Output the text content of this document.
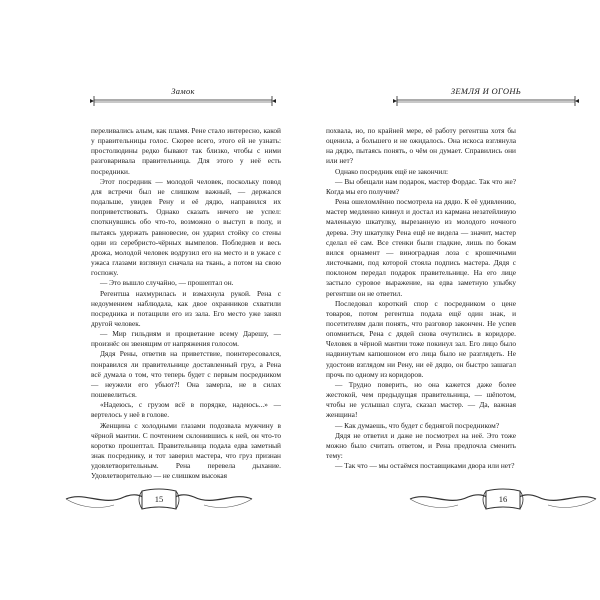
Замок

переливались алым, как пламя. Рене стало интересно, какой у правительницы голос. Скорее всего, этого ей не узнать: простолюдины редко бывают так близко, чтобы с ними разговаривала правительница. Для этого у неё есть посредники.

Этот посредник — молодой человек, поскольку повод для встречи был не слишком важный, — держался подальше, увидев Рену и её дядю, направился их поприветствовать. Однако сказать ничего не успел: споткнувшись обо что-то, возможно о выступ в полу, и пытаясь удержать равновесие, он ударил стойку со стены одни из серебристо-чёрных вымпелов. Побледнев и весь дрожа, молодой человек водрузил его на место и в ужасе с ужаса глазами взглянул сначала на ткань, а потом на свою госпожу.

— Это вышло случайно, — прошептал он.

Регентша нахмурилась и взмахнула рукой. Рена с недоумением наблюдала, как двое охранников схватили посредника и потащили его из зала. Его место уже занял другой человек.

— Мир гильдиям и процветание всему Дарешу, — произнёс он звенящим от напряжения голосом.

Дядя Рены, ответив на приветствие, поинтересовался, понравился ли правительнице доставленный груз, а Рена всё думала о том, что теперь будет с первым посредником — неужели его убьют?! Она замерла, не в силах пошевелиться.

«Надеюсь, с грузом всё в порядке, надеюсь...» — вертелось у неё в голове.

Женщина с холодными глазами подозвала мужчину в чёрной мантии. С почтением склонившись к ней, он что-то коротко прошептал. Правительница подала едва заметный знак посреднику, и тот заверил мастера, что груз признан удовлетворительным. Рена перевела дыхание. Удовлетворительно — не слишком высокая

15
ЗЕМЛЯ И ОГОНЬ

похвала, но, по крайней мере, её работу регентша хотя бы оценила, а большего и не ожидалось. Она искоса взглянула на дядю, пытаясь понять, о чём он думает. Справились они или нет?

Однако посредник ещё не закончил:

— Вы обещали нам подарок, мастер Фордас. Так что же? Когда мы его получим?

Рена ошеломлённо посмотрела на дядю. К её удивлению, мастер медленно кивнул и достал из кармана незатейливую маленькую шкатулку, вырезанную из молодого ночного дерева. Эту шкатулку Рена ещё не видела — значит, мастер сделал её сам. Все стенки были гладкие, лишь по бокам вился орнамент — виноградная лоза с крошечными листочками, под которой стояла подпись мастера. Дядя с поклоном передал подарок правительнице. На его лице застыло суровое выражение, на едва заметную улыбку регентши он не ответил.

Последовал короткий спор с посредником о цене товаров, потом регентша подала ещё один знак, и посетителям дали понять, что разговор закончен. Не успев опомниться, Рена с дядей снова очутились в коридоре. Человек в чёрной мантии тоже покинул зал. Его лицо было надвинутым капюшоном его лица было не разглядеть. Не удостоив взглядом ни Рену, ни её дядю, он быстро зашагал прочь по одному из коридоров.

— Трудно поверить, но она кажется даже более жестокой, чем предыдущая правительница, — шёпотом, чтобы не услышал слуга, сказал мастер. — Да, важная женщина!

— Как думаешь, что будет с беднягой посредником?

Дядя не ответил и даже не посмотрел на неё. Это тоже можно было считать ответом, и Рена предпочла сменить тему:

— Так что — мы остаёмся поставщиками двора или нет?

16
